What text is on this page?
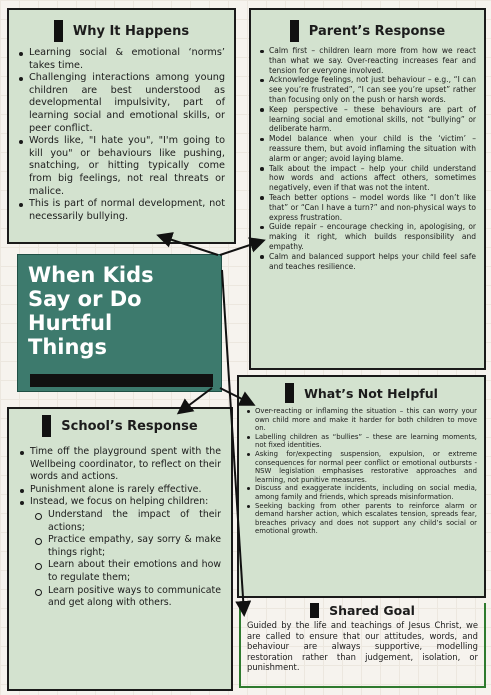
Why It Happens
Learning social & emotional ‘norms’ takes time.
Challenging interactions among young children are best understood as developmental impulsivity, part of learning social and emotional skills, or peer conflict.
Words like, "I hate you", "I'm going to kill you" or behaviours like pushing, snatching, or hitting typically come from big feelings, not real threats or malice.
This is part of normal development, not necessarily bullying.
Parent’s Response
Calm first – children learn more from how we react than what we say. Over-reacting increases fear and tension for everyone involved.
Acknowledge feelings, not just behaviour – e.g., “I can see you’re frustrated”, “I can see you’re upset” rather than focusing only on the push or harsh words.
Keep perspective – these behaviours are part of learning social and emotional skills, not “bullying” or deliberate harm.
Model balance when your child is the ‘victim’ – reassure them, but avoid inflaming the situation with alarm or anger; avoid laying blame.
Talk about the impact – help your child understand how words and actions affect others, sometimes negatively, even if that was not the intent.
Teach better options – model words like “I don’t like that” or “Can I have a turn?” and non-physical ways to express frustration.
Guide repair – encourage checking in, apologising, or making it right, which builds responsibility and empathy.
Calm and balanced support helps your child feel safe and teaches resilience.
When Kids
Say or Do
Hurtful
Things
What’s Not Helpful
Over-reacting or inflaming the situation – this can worry your own child more and make it harder for both children to move on.
Labelling children as “bullies” – these are learning moments, not fixed identities.
Asking for/expecting suspension, expulsion, or extreme consequences for normal peer conflict or emotional outbursts - NSW legislation emphasises restorative approaches and learning, not punitive measures.
Discuss and exaggerate incidents, including on social media, among family and friends, which spreads misinformation.
Seeking backing from other parents to reinforce alarm or demand harsher action, which escalates tension, spreads fear, breaches privacy and does not support any child’s social or emotional growth.
School’s Response
Time off the playground spent with the Wellbeing coordinator, to reflect on their words and actions.
Punishment alone is rarely effective.
Instead, we focus on helping children:
Understand the impact of their actions;
Practice empathy, say sorry & make things right;
Learn about their emotions and how to regulate them;
Learn positive ways to communicate and get along with others.
Shared Goal

Guided by the life and teachings of Jesus Christ, we are called to ensure that our attitudes, words, and behaviour are always supportive, modelling restoration rather than judgement, isolation, or punishment.
